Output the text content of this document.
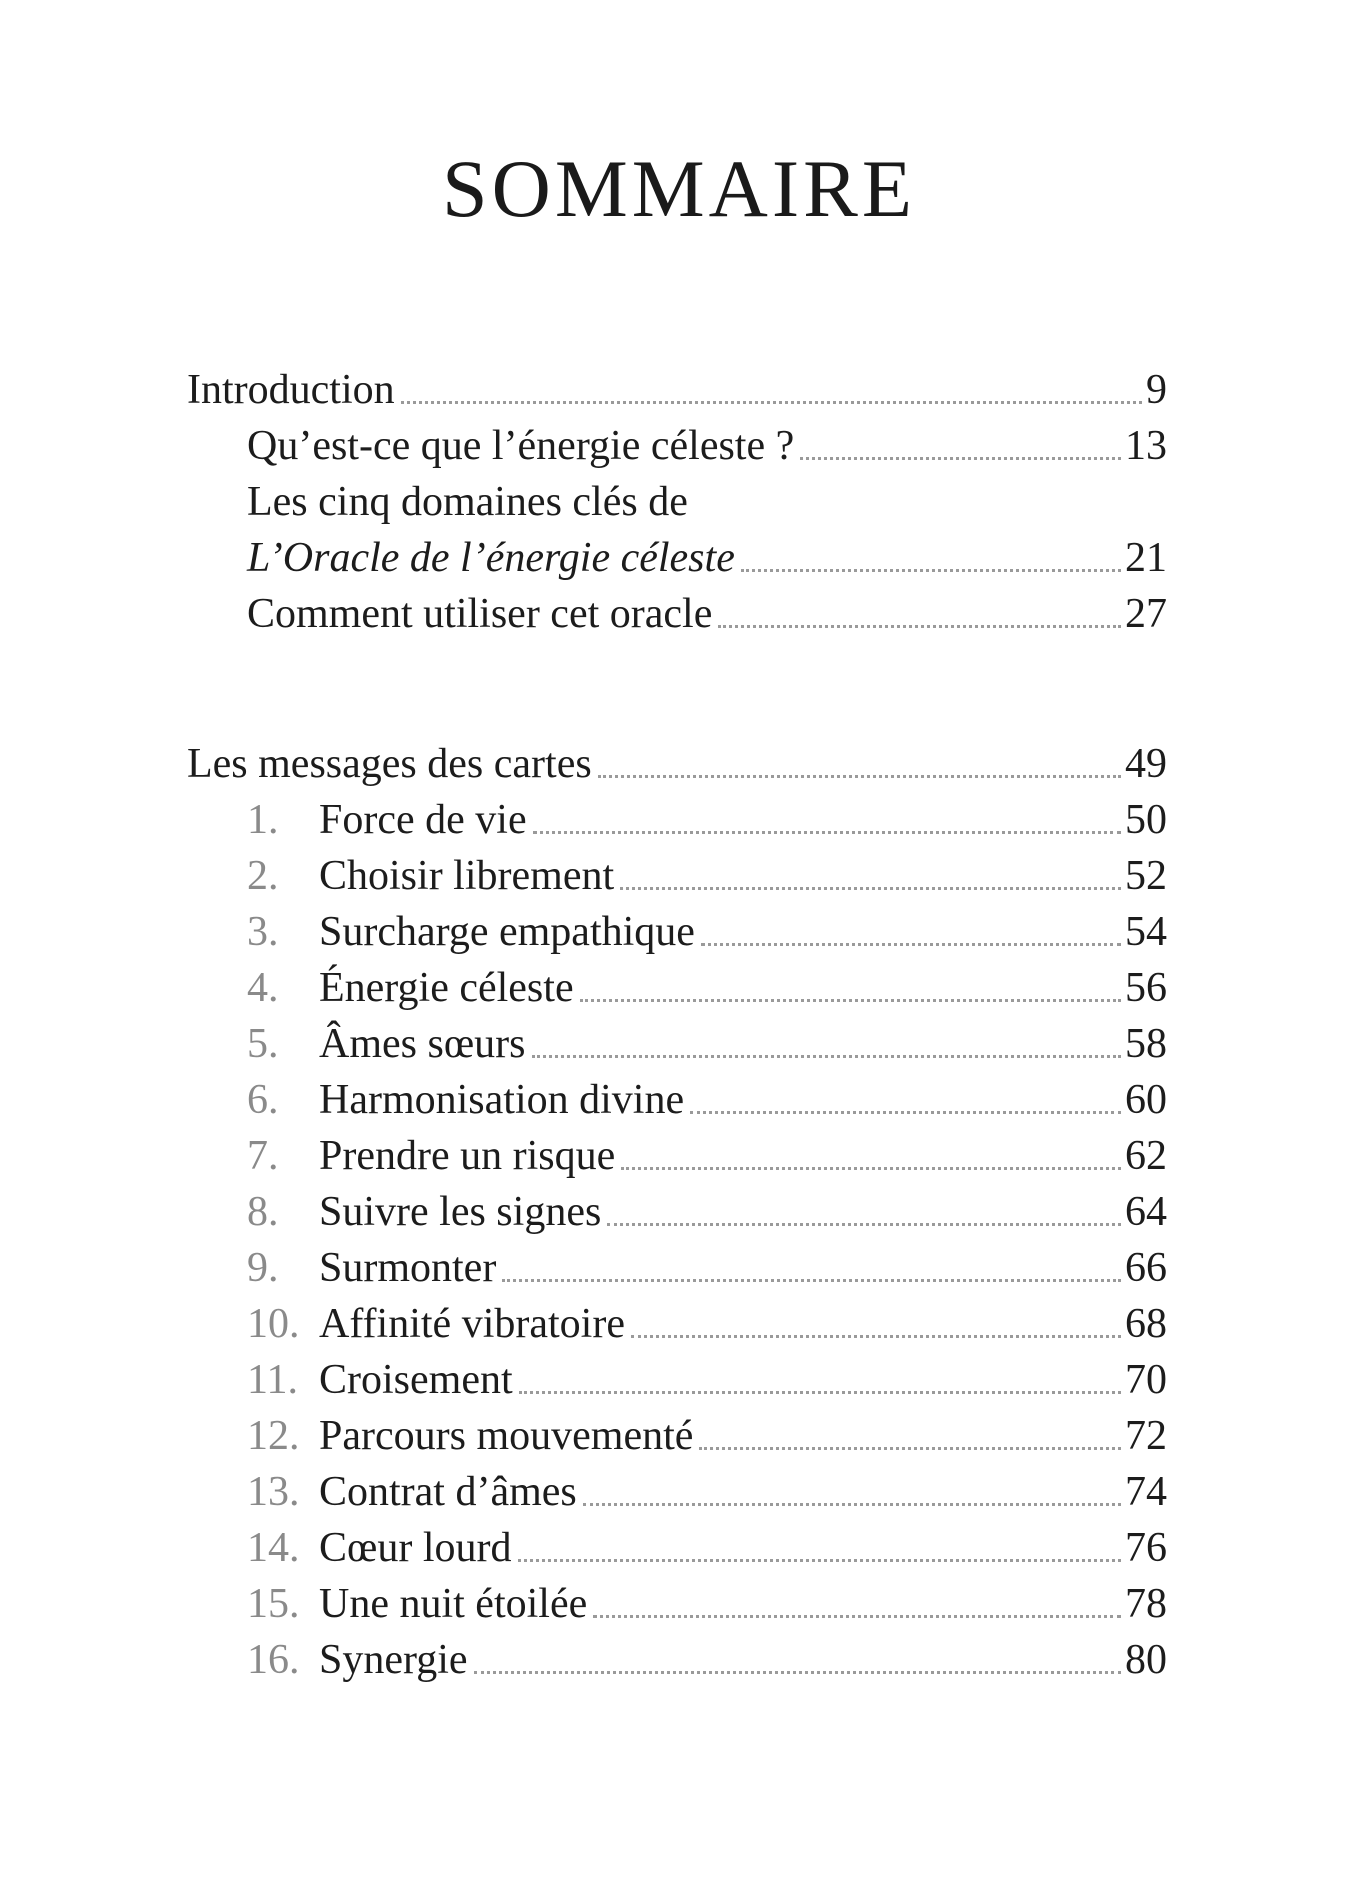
SOMMAIRE
Introduction	9
Qu’est-ce que l’énergie céleste ?	13
Les cinq domaines clés de
L’Oracle de l’énergie céleste	21
Comment utiliser cet oracle	27
Les messages des cartes	49
1. Force de vie	50
2. Choisir librement	52
3. Surcharge empathique	54
4. Énergie céleste	56
5. Âmes sœurs	58
6. Harmonisation divine	60
7. Prendre un risque	62
8. Suivre les signes	64
9. Surmonter	66
10. Affinité vibratoire	68
11. Croisement	70
12. Parcours mouvementé	72
13. Contrat d’âmes	74
14. Cœur lourd	76
15. Une nuit étoilée	78
16. Synergie	80
